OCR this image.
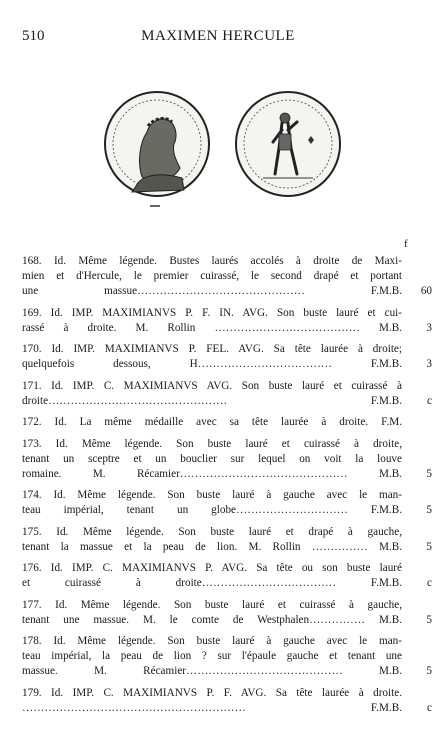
510	MAXIMEN HERCULE
f
168. Id. Même légende. Bustes laurés accolés à droite de Maxi-
mien et d'Hercule, le premier cuirassé, le second drapé et portant
une massue……………………………………… F.M.B.	60
169. Id. IMP. MAXIMIANVS P. F. IN. AVG. Son buste lauré et cui-
rassé à droite. M. Rollin ………………………………… M.B.	3
170. Id. IMP. MAXIMIANVS P. FEL. AVG. Sa tête laurée à droite;
quelquefois dessous, H……………………………… F.M.B.	3
171. Id. IMP. C. MAXIMIANVS AVG. Son buste lauré et cuirassé à
droite………………………………………… F.M.B.	c
172. Id. La même médaille avec sa tête laurée à droite. F.M.
173. Id. Même légende. Son buste lauré et cuirassé à droite,
tenant un sceptre et un bouclier sur lequel on voit la louve
romaine. M. Récamier……………………………………… M.B.	5
174. Id. Même légende. Son buste lauré à gauche avec le man-
teau impérial, tenant un globe………………………… F.M.B.	5
175. Id. Même légende. Son buste lauré et drapé à gauche,
tenant la massue et la peau de lion. M. Rollin …………… M.B.	5
176. Id. IMP. C. MAXIMIANVS P. AVG. Sa tête ou son buste lauré
et cuirassé à droite……………………………… F.M.B.	c
177. Id. Même légende. Son buste lauré et cuirassé à gauche,
tenant une massue. M. le comte de Westphalen…………… M.B.	5
178. Id. Même légende. Son buste lauré à gauche avec le man-
teau impérial, la peau de lion ? sur l'épaule gauche et tenant une
massue. M. Récamier…………………………………… M.B.	5
179. Id. IMP. C. MAXIMIANVS P. F. AVG. Sa tête laurée à droite.
…………………………………………………… F.M.B.	c
